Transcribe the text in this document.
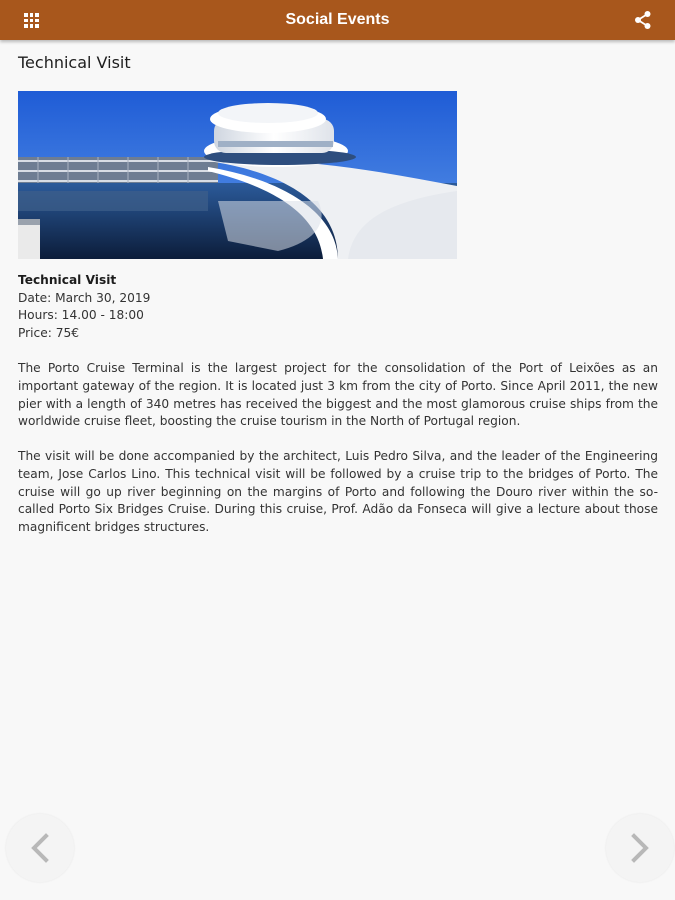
Social Events
Technical Visit
Technical Visit
Date: March 30, 2019
Hours: 14.00 - 18:00
Price: 75€

The Porto Cruise Terminal is the largest project for the consolidation of the Port of Leixões as an important gateway of the region. It is located just 3 km from the city of Porto. Since April 2011, the new pier with a length of 340 metres has received the biggest and the most glamorous cruise ships from the worldwide cruise fleet, boosting the cruise tourism in the North of Portugal region.

The visit will be done accompanied by the architect, Luis Pedro Silva, and the leader of the Engineering team, Jose Carlos Lino. This technical visit will be followed by a cruise trip to the bridges of Porto. The cruise will go up river beginning on the margins of Porto and following the Douro river within the so-called Porto Six Bridges Cruise. During this cruise, Prof. Adão da Fonseca will give a lecture about those magnificent bridges structures.
